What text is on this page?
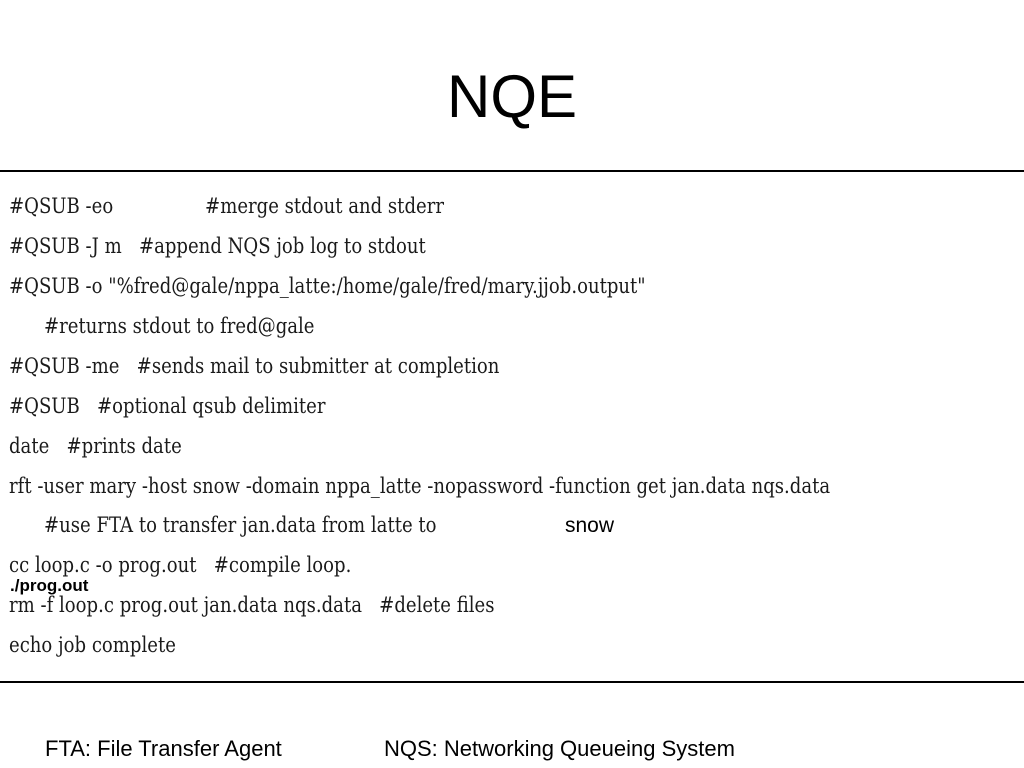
NQE
#QSUB -eo                #merge stdout and stderr
#QSUB -J m   #append NQS job log to stdout
#QSUB -o "%fred@gale/nppa_latte:/home/gale/fred/mary.jjob.output"
#returns stdout to fred@gale
#QSUB -me   #sends mail to submitter at completion
#QSUB   #optional qsub delimiter
date   #prints date
rft -user mary -host snow -domain nppa_latte -nopassword -function get jan.data nqs.data
#use FTA to transfer jan.data from latte to
cc loop.c -o prog.out   #compile loop.
rm -f loop.c prog.out jan.data nqs.data   #delete files
echo job complete
snow
./prog.out
FTA: File Transfer Agent	NQS: Networking Queueing System
